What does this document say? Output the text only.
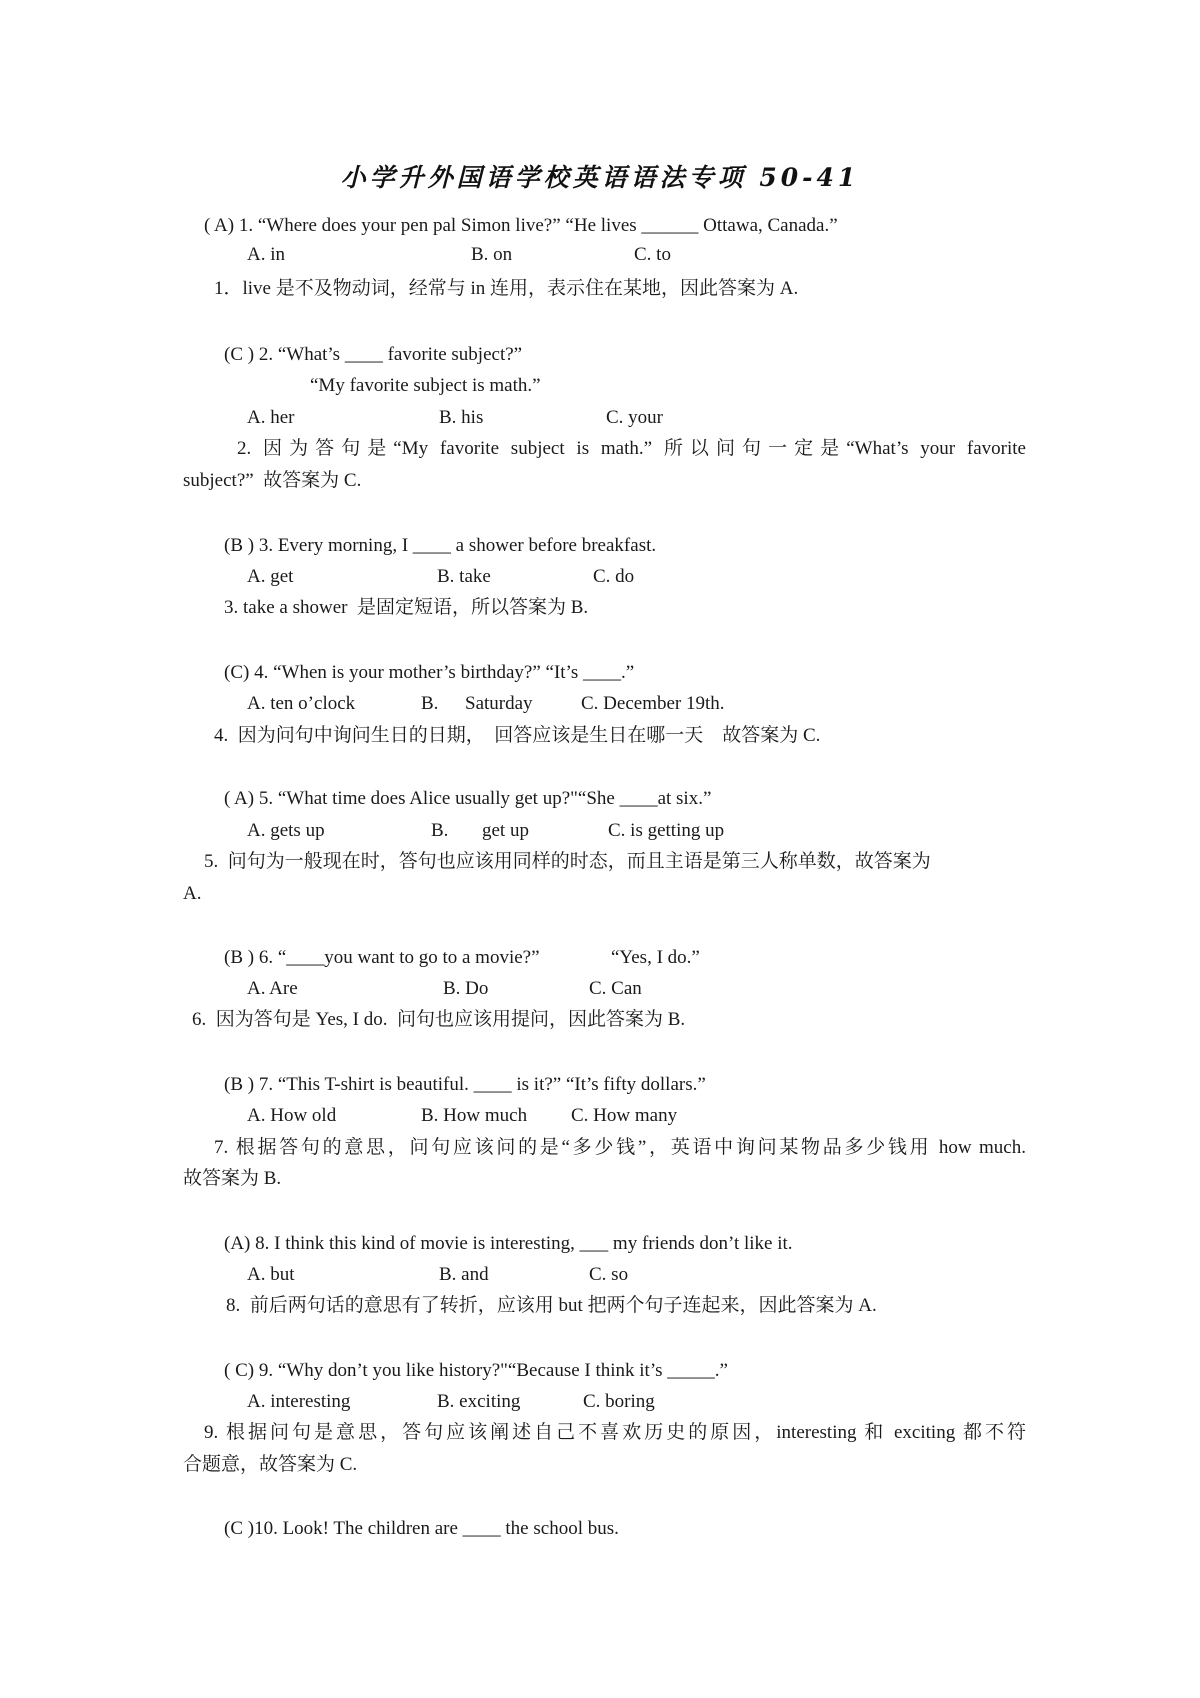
小学升外国语学校英语语法专项 50-41
( A) 1. “Where does your pen pal Simon live?” “He lives ______ Ottawa, Canada.”

A. in

	B. on

	C. to

1．live 是不及物动词，经常与 in 连用，表示住在某地，因此答案为 A.
(C ) 2. “What’s ____ favorite subject?”
“My favorite subject is math.”

A. her

	B. his

	C. your

2. 因为答句是“My favorite subject is math.” 所以问句一定是“What’s your favorite
subject?”  故答案为 C.
(B ) 3. Every morning, I ____ a shower before breakfast.

A. get

	B. take

	C. do

3. take a shower  是固定短语，所以答案为 B.
(C) 4. “When is your mother’s birthday?” “It’s ____.”

A. ten o’clock

	B.

Saturday

	C. December 19th.

4.  因为问句中询问生日的日期，  回答应该是生日在哪一天    故答案为 C.
( A) 5. “What time does Alice usually get up?"“She ____at six.”

A. gets up

	B.

get up

	C. is getting up

5.  问句为一般现在时，答句也应该用同样的时态，而且主语是第三人称单数，故答案为
A.
(B ) 6. “____you want to go to a movie?”	“Yes, I do.”

A. Are

	B. Do

	C. Can

6.  因为答句是 Yes, I do.  问句也应该用提问，因此答案为 B.
(B ) 7. “This T-shirt is beautiful. ____ is it?” “It’s fifty dollars.”

A. How old

	B. How much

C. How many

7. 根据答句的意思，问句应该问的是“多少钱”，英语中询问某物品多少钱用 how much.
故答案为 B.
(A) 8. I think this kind of movie is interesting, ___ my friends don’t like it.

A. but

	B. and

	C. so

8.  前后两句话的意思有了转折，应该用 but 把两个句子连起来，因此答案为 A.
( C) 9. “Why don’t you like history?"“Because I think it’s _____.”

A. interesting

	B. exciting

	C. boring

9. 根据问句是意思，答句应该阐述自己不喜欢历史的原因，interesting 和 exciting 都不符
合题意，故答案为 C.
(C )10. Look! The children are ____ the school bus.
